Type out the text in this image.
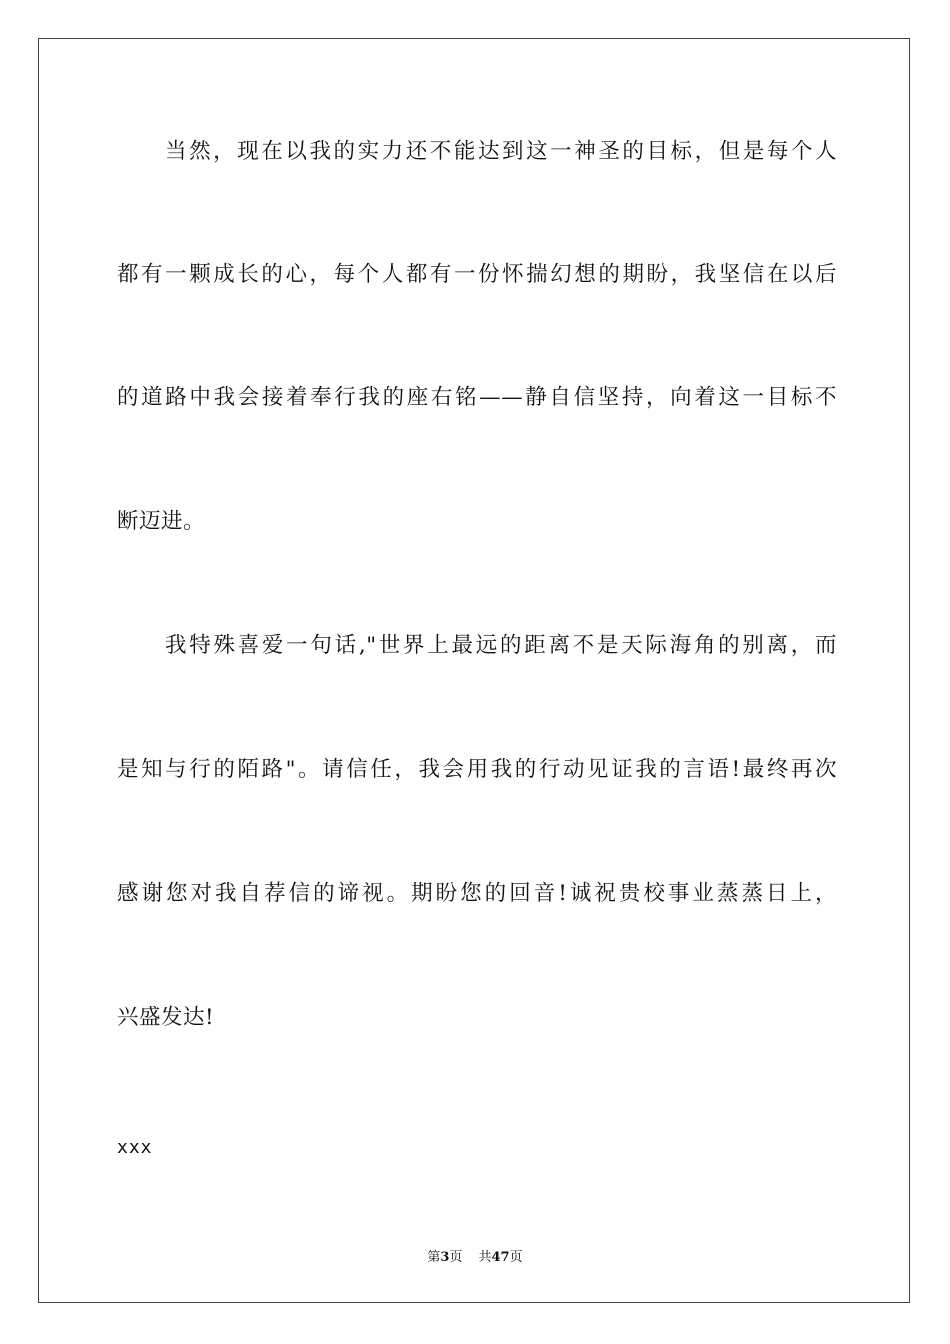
当然，现在以我的实力还不能达到这一神圣的目标，但是每个人
都有一颗成长的心，每个人都有一份怀揣幻想的期盼，我坚信在以后
的道路中我会接着奉行我的座右铭——静自信坚持，向着这一目标不
断迈进。
我特殊喜爱一句话,"世界上最远的距离不是天际海角的别离，而
是知与行的陌路"。请信任，我会用我的行动见证我的言语!最终再次
感谢您对我自荐信的谛视。期盼您的回音!诚祝贵校事业蒸蒸日上，
兴盛发达!
xxx
第3页 共47页
